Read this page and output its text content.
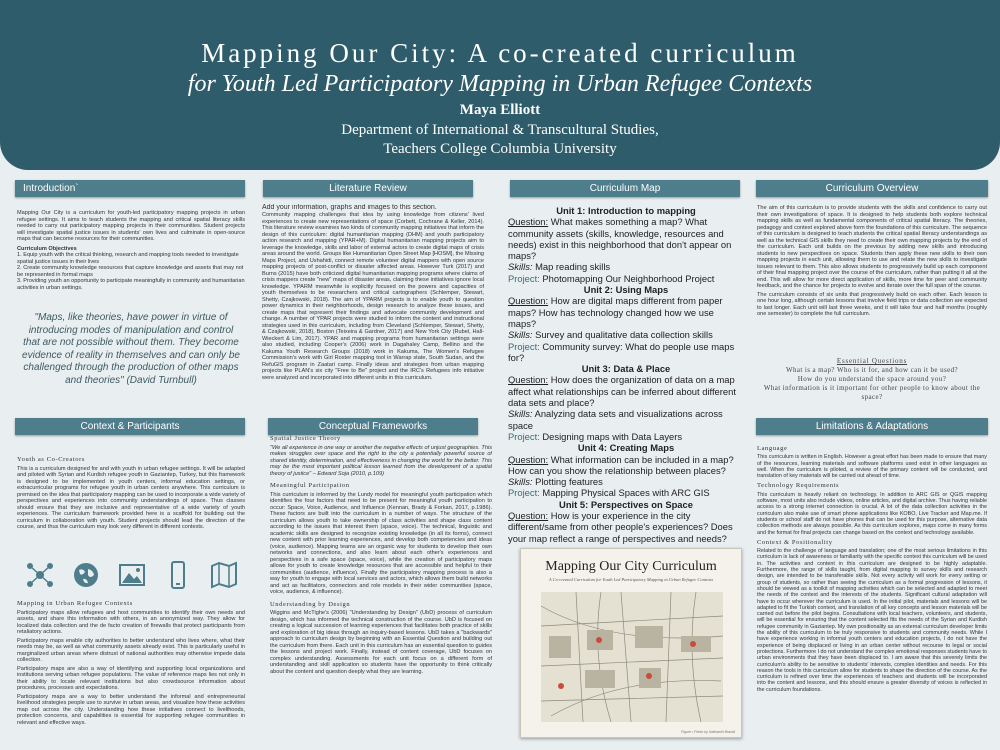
Mapping Our City: A co-created curriculum
for Youth Led Participatory Mapping in Urban Refugee Contexts
Maya Elliott
Department of International & Transcultural Studies,
Teachers College Columbia University
Introduction`	Literature Review	Curriculum Map	Curriculum Overview

Mapping Our City is a curriculum for youth-led participatory mapping projects in urban refugee settings. It aims to teach students the mapping and critical spatial literacy skills needed to carry out participatory mapping projects in their communities. Student projects will investigate spatial justice issues in students' own lives and culminate in open-source maps that can become resources for their communities.

Curriculum Objectives
1. Equip youth with the critical thinking, research and mapping tools needed to investigate spatial justice issues in their lives
2. Create community knowledge resources that capture knowledge and assets that may not be represented in formal maps
3. Providing youth an opportunity to participate meaningfully in community and humanitarian activities in urban settings.
"Maps, like theories, have power in virtue of introducing modes of manipulation and control that are not possible without them. They become evidence of reality in themselves and can only be challenged through the production of other maps and theories" (David Turnbull)
Add your information, graphs and images to this section.

Community mapping challenges that idea by using knowledge from citizens' lived experiences to create new representations of space (Corbett, Cochrane & Keller, 2014). This literature review examines two kinds of community mapping initiatives that inform the design of this curriculum: digital humanitarian mapping (DHM) and youth participatory action research and mapping (YPAR+M). Digital humanitarian mapping projects aim to leverage the knowledge, skills and labor of external actors to create digital maps of crisis areas around the world. Groups like Humanitarian Open Street Map [HOSM], the Missing Maps Project, and Ushahidi, connect remote volunteer digital mappers with open source mapping projects of post-conflict or disaster affected areas. However Turk (2017) and Burns (2015) have both criticized digital humanitarian mapping programs where claims of crisis mappers create "new" maps of disaster areas, claiming these initiatives ignore local knowledge. YPARM meanwhile is explicitly focused on the powers and capacities of youth themselves to be researchers and critical cartographers (Schlemper, Stewart, Shetty, Czajkowski, 2018). The aim of YPARM projects is to enable youth to question power dynamics in their neighborhoods, design research to analyze these issues, and create maps that represent their findings and advocate community development and change. A number of YPAR projects were studied to inform the content and instructional strategies used in this curriculum, including from Cleveland (Schlemper, Stewart, Shetty, & Czajkowski, 2018), Boston (Teixeira & Gardner, 2017) and New York City (Rubel, Hall-Wieckert & Lim, 2017). YPAR and mapping programs from humanitarian settings were also studied, including Cooper's (2006) work in Dagahaley Camp, Bellino and the Kakuma Youth Research Groups (2018) work in Kakuma, The Women's Refugee Commission's work with Girl Roster mapping tool in Warrap state, South Sudan, and the RefuGIS program in Zaatari camp. Finally ideas and strategies from urban mapping projects like PLAN's six city "Free to Be" project and the IRC's Refugees info initiative were analyzed and incorporated into different units in this curriculum.

Unit 1: Introduction to mapping
Question: What makes something a map? What community assets (skills, knowledge, resources and needs) exist in this neighborhood that don't appear on maps?
Skills: Map reading skills
Project: Photomapping Our Neighborhood Project
Unit 2: Using Maps
Question: How are digital maps different from paper maps? How has technology changed how we use maps?
Skills: Survey and qualitative data collection skills
Project: Community survey: What do people use maps for?
Unit 3: Data & Place
Question: How does the organization of data on a map affect what relationships can be inferred about different data sets and place?
Skills: Analyzing data sets and visualizations across space
Project: Designing maps with Data Layers
Unit 4: Creating Maps
Question: What information can be included in a map? How can you show the relationship between places?
Skills: Plotting features
Project: Mapping Physical Spaces with ARC GIS
Unit 5: Perspectives on Space
Question: How is your experience in the city different/same from other people's experiences? Does your map reflect a range of perspectives and needs?

The aim of this curriculum is to provide students with the skills and confidence to carry out their own investigations of space. It is designed to help students both explore technical mapping skills as well as fundamental components of critical spatial literacy. The theories, pedagogy and context explored above form the foundations of this curriculum. The sequence of this curriculum is designed to teach students the critical spatial literacy understandings as well as the technical GIS skills they need to create their own mapping projects by the end of the curriculum. Each unit builds on the previous by adding new skills and introducing students to new perspectives on space. Students then apply these new skills to their own mapping projects in each unit, allowing them to use and relate the new skills to investigate issues relevant to them. This also allows students to progressively build up each component of their final mapping project over the course of the curriculum, rather than putting it all at the end. This will allow for more direct application of skills, more time for peer and community feedback, and the chance for projects to evolve and iterate over the full span of the course.

The curriculum consists of six units that progressively build on each other. Each lesson is one hour long, although certain lessons that involve field trips or data collection are expected to last longer. Each unit will last three weeks, and it will take four and half months (roughly one semester) to complete the full curriculum.

Essential Questions
What is a map? Who is it for, and how can it be used?
How do you understand the space around you?
What information is it important for other people to know about the space?
Context & Participants	Conceptual Frameworks	Limitations & Adaptations
Youth as Co-Creators

This is a curriculum designed for and with youth in urban refugee settings. It will be adapted and piloted with Syrian and Kurdish refugee youth in Gaziantep, Turkey, but this framework is designed to be implemented in youth centers, informal education settings, or extracurricular programs for refugee youth in urban centers anywhere. This curriculum is premised on the idea that participatory mapping can be used to incorporate a wide variety of perspectives and experiences into community understandings of space. Thus classes should ensure that they are inclusive and representative of a wide variety of youth experiences. The curriculum framework provided here is a scaffold for building out the curriculum in collaboration with youth. Student projects should lead the direction of the course, and thus the curriculum may look very different in different contexts.

Mapping in Urban Refugee Contexts

Participatory maps allow refugees and host communities to identify their own needs and assets, and share this information with others, in an anonymized way. They allow for localized data collection and the de facto creation of firewalls that protect participants from retaliatory actions.

Participatory maps enable city authorities to better understand who lives where, what their needs may be, as well as what community assets already exist. This is particularly useful in marginalized urban areas where distrust of national authorities may otherwise impede data collection.

Participatory maps are also a way of identifying and supporting local organizations and institutions serving urban refugee populations. The value of reference maps lies not only in their ability to locate relevant institutions but also crowdsource information about procedures, processes and expectations.

Participatory maps are a way to better understand the informal and entrepreneurial livelihood strategies people use to survive in urban areas, and visualize how these activities map out across the city. Understanding how these initiatives connect to livelihoods, protection concerns, and capabilities is essential for supporting refugee communities in relevant and effective ways.

Spatial Justice Theory

"We all experience in one way or another the negative effects of unjust geographies. This makes struggles over space and the right to the city a potentially powerful source of shared identity, determination, and effectiveness in changing the world for the better. This may be the most important political lesson learned from the development of a spatial theory of justice" – Edward Soja (2010, p.109)

Meaningful Participation

This curriculum is informed by the Lundy model for meaningful youth participation which identifies the four factors that need to be present for meaningful youth participation to occur: Space, Voice, Audience, and Influence (Kennan, Brady & Forkan, 2017, p.1986). These factors are built into the curriculum in a number of ways. The structure of the curriculum allows youth to take ownership of class activities and shape class content according to the issues that interest them (space, voice). The technical, linguistic and academic skills are designed to recognize existing knowledge (in all its forms), connect new content with prior learning experiences, and develop both competencies and ideas (voice, audience). Mapping teams are an organic way for students to develop their own networks and connections, and also learn about each other's experiences and perspectives in a safe space (space, voice), while the creation of participatory maps allows for youth to create knowledge resources that are accessible and helpful to their communities (audience, influence). Finally the participatory mapping process is also a way for youth to engage with local services and actors, which allows them build networks and act as facilitators, connectors and role models in their wider communities (space, voice, audience, & influence).

Understanding by Design

Wiggins and McTighe's (2006) "Understanding by Design" (UbD) process of curriculum design, which has informed the technical construction of the course. UbD is focused on creating a logical succession of learning experiences that facilitates both practice of skills and exploration of big ideas through an inquiry-based lessons. UbD takes a "backwards" approach to curriculum design by beginning with an Essential Question and building out the curriculum from there. Each unit in this curriculum has an essential question to guides the lessons and project work. Finally, instead of content coverage, UbD focuses on complex understanding. Assessments for each unit focus on a different form of understanding and skill application so students have the opportunity to think critically about the content and question deeply what they are learning.

Mapping Our City Curriculum
A Co-created Curriculum for Youth Led Participatory Mapping in Urban Refugee Contexts
Figure • Photo by Nathaniel Brandt
Language

This curriculum is written in English. However a great effort has been made to ensure that many of the resources, learning materials and software platforms used exist in other languages as well. When the curriculum is piloted, a review of the primary content will be conducted, and translation of key materials will be carried out ahead of time.

Technology Requirements

This curriculum is heavily reliant on technology. In addition to ARC GIS or QGIS mapping software, most units also include videos, online articles, and digital archive. Thus having reliable access to a strong internet connection is crucial. A lot of the data collection activities in the curriculum also make use of smart phone applications like KOBO, Live Tracker and Map.me. If students or school staff do not have phones that can be used for this purpose, alternative data collection methods are always possible. As this curriculum explores, maps come in many forms and the format for final projects can change based on the context and technology available.

Context & Positionality

Related to the challenge of language and translation; one of the most serious limitations in this curriculum is lack of awareness or familiarity with the specific context this curriculum will be used in. The activities and content in this curriculum are designed to be highly adaptable. Furthermore, the range of skills taught, from digital mapping to survey skills and research design, are intended to be transferable skills. Not every activity will work for every setting or group of students, so rather than seeing the curriculum as a formal progression of lessons, it should be viewed as a toolkit of mapping activities which can be selected and adapted to meet the needs of the context and the interests of the students. Significant cultural adaptation will have to occur wherever the curriculum is used. In the initial pilot, materials and lessons will be adapted to fit the Turkish context, and translation of all key concepts and lesson materials will be carried out before the pilot begins. Consultations with local teachers, volunteers, and students, will be essential for ensuring that the content selected fits the needs of the Syrian and Kurdish refugee community in Gaziantep. My own positionality as an external curriculum developer limits the ability of this curriculum to be truly responsive to students and community needs. While I have experience working in informal youth centers and education projects, I do not have the experience of being displaced or living in an urban center without recourse to legal or social protections. Furthermore I do not understand the complex emotional responses students have to urban environments that they have been displaced to. I am aware that this severely limits the curriculum's ability to be sensitive to students' interests, complex identities and needs. For this reason the tools in this curriculum allow for students to shape the direction of the course. As the curriculum is refined over time the experiences of teachers and students will be incorporated into the content and lessons, and this should ensure a greater diversity of voices is reflected in the curriculum foundations.
